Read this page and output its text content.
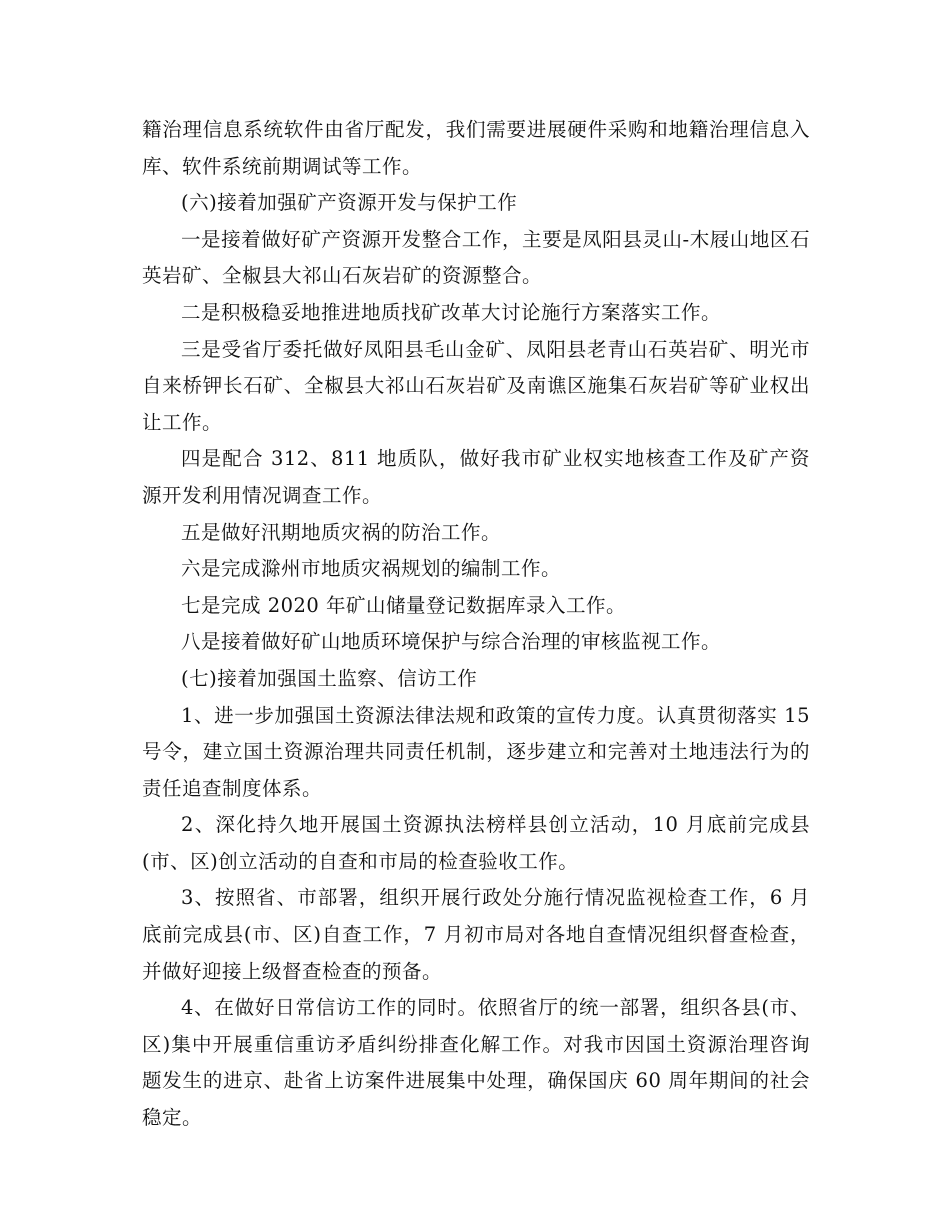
籍治理信息系统软件由省厅配发，我们需要进展硬件采购和地籍治理信息入库、软件系统前期调试等工作。

(六)接着加强矿产资源开发与保护工作

一是接着做好矿产资源开发整合工作，主要是凤阳县灵山-木屐山地区石英岩矿、全椒县大祁山石灰岩矿的资源整合。

二是积极稳妥地推进地质找矿改革大讨论施行方案落实工作。

三是受省厅委托做好凤阳县毛山金矿、凤阳县老青山石英岩矿、明光市自来桥钾长石矿、全椒县大祁山石灰岩矿及南谯区施集石灰岩矿等矿业权出让工作。

四是配合 312、811 地质队，做好我市矿业权实地核查工作及矿产资源开发利用情况调查工作。

五是做好汛期地质灾祸的防治工作。

六是完成滁州市地质灾祸规划的编制工作。

七是完成 2020 年矿山储量登记数据库录入工作。

八是接着做好矿山地质环境保护与综合治理的审核监视工作。

(七)接着加强国土监察、信访工作

1、进一步加强国土资源法律法规和政策的宣传力度。认真贯彻落实 15 号令，建立国土资源治理共同责任机制，逐步建立和完善对土地违法行为的责任追查制度体系。

2、深化持久地开展国土资源执法榜样县创立活动，10 月底前完成县(市、区)创立活动的自查和市局的检查验收工作。

3、按照省、市部署，组织开展行政处分施行情况监视检查工作，6 月底前完成县(市、区)自查工作，7 月初市局对各地自查情况组织督查检查，并做好迎接上级督查检查的预备。

4、在做好日常信访工作的同时。依照省厅的统一部署，组织各县(市、区)集中开展重信重访矛盾纠纷排查化解工作。对我市因国土资源治理咨询题发生的进京、赴省上访案件进展集中处理，确保国庆 60 周年期间的社会稳定。
